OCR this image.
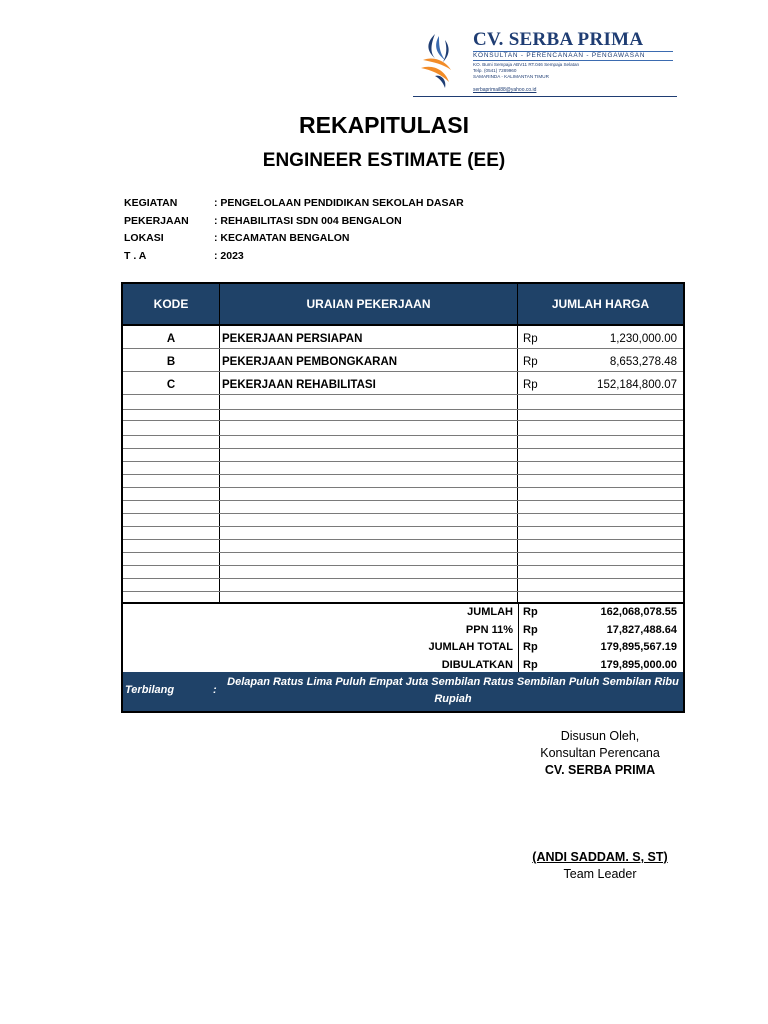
CV. SERBA PRIMA
KONSULTAN - PERENCANAAN - PENGAWASAN
KO. Bumi Sempaja ABV11 RT.046 Sempaja Selatan
Telp. (0541) 7289960
SAMARINDA - KALIMANTAN TIMUR
serbaprimail88@yahoo.co.id
REKAPITULASI
ENGINEER ESTIMATE (EE)
KEGIATAN	: PENGELOLAAN PENDIDIKAN SEKOLAH DASAR
PEKERJAAN	: REHABILITASI SDN 004 BENGALON
LOKASI	: KECAMATAN BENGALON
T . A	: 2023
KODE	URAIAN PEKERJAAN	JUMLAH HARGA
A	PEKERJAAN PERSIAPAN	Rp	1,230,000.00
B	PEKERJAAN PEMBONGKARAN	Rp	8,653,278.48
C	PEKERJAAN REHABILITASI	Rp	152,184,800.07
JUMLAH Rp	162,068,078.55
PPN 11% Rp	17,827,488.64
JUMLAH TOTAL Rp	179,895,567.19
DIBULATKAN Rp	179,895,000.00
Terbilang	:
Delapan Ratus Lima Puluh Empat Juta Sembilan Ratus Sembilan Puluh Sembilan Ribu Rupiah
Disusun Oleh,
Konsultan Perencana
CV. SERBA PRIMA
(ANDI SADDAM. S, ST)
Team Leader
